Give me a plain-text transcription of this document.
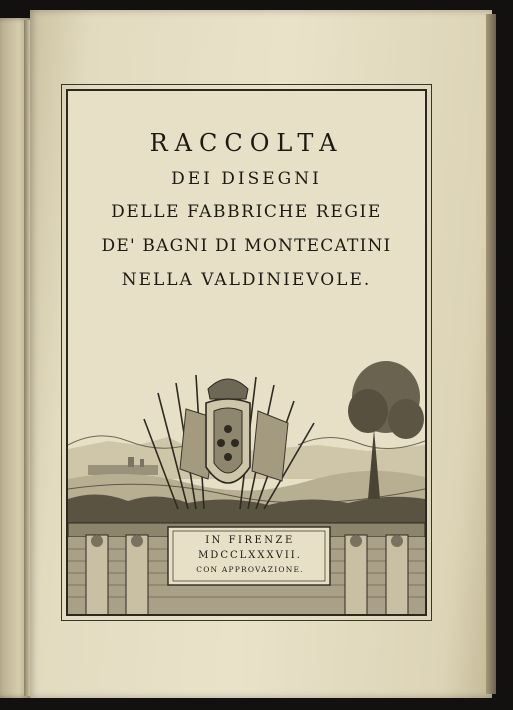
RACCOLTA
DEI DISEGNI
DELLE FABBRICHE REGIE
DE' BAGNI DI MONTECATINI
NELLA VALDINIEVOLE.
IN FIRENZE
MDCCLXXXVII.
CON APPROVAZIONE.
